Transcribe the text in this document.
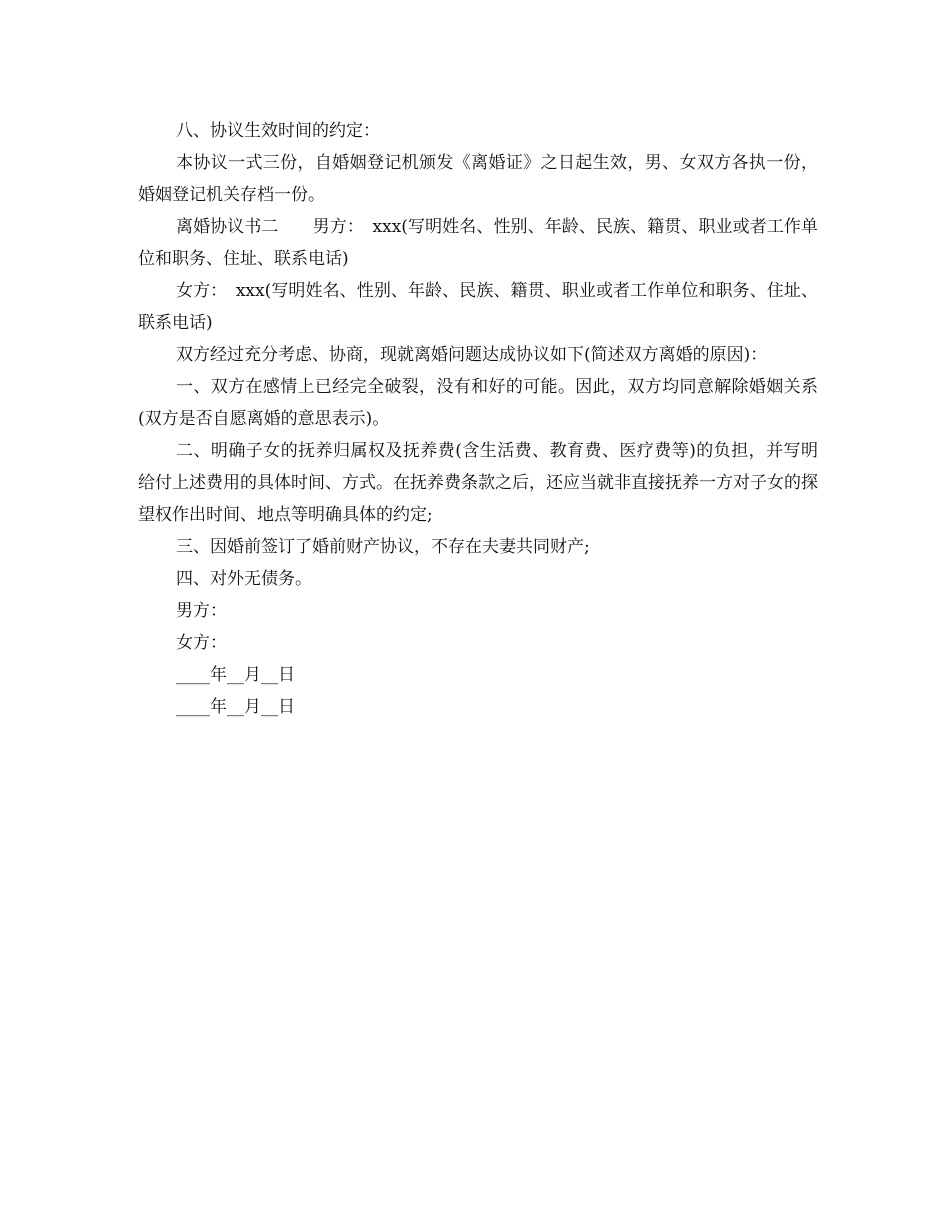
八、协议生效时间的约定：

本协议一式三份，自婚姻登记机颁发《离婚证》之日起生效，男、女双方各执一份，婚姻登记机关存档一份。

离婚协议书二　　男方：　xxx(写明姓名、性别、年龄、民族、籍贯、职业或者工作单位和职务、住址、联系电话)

女方：　xxx(写明姓名、性别、年龄、民族、籍贯、职业或者工作单位和职务、住址、联系电话)

双方经过充分考虑、协商，现就离婚问题达成协议如下(简述双方离婚的原因)：

一、双方在感情上已经完全破裂，没有和好的可能。因此，双方均同意解除婚姻关系(双方是否自愿离婚的意思表示)。

二、明确子女的抚养归属权及抚养费(含生活费、教育费、医疗费等)的负担，并写明给付上述费用的具体时间、方式。在抚养费条款之后，还应当就非直接抚养一方对子女的探望权作出时间、地点等明确具体的约定;

三、因婚前签订了婚前财产协议，不存在夫妻共同财产;

四、对外无债务。

男方：

女方：

____年__月__日

____年__月__日
